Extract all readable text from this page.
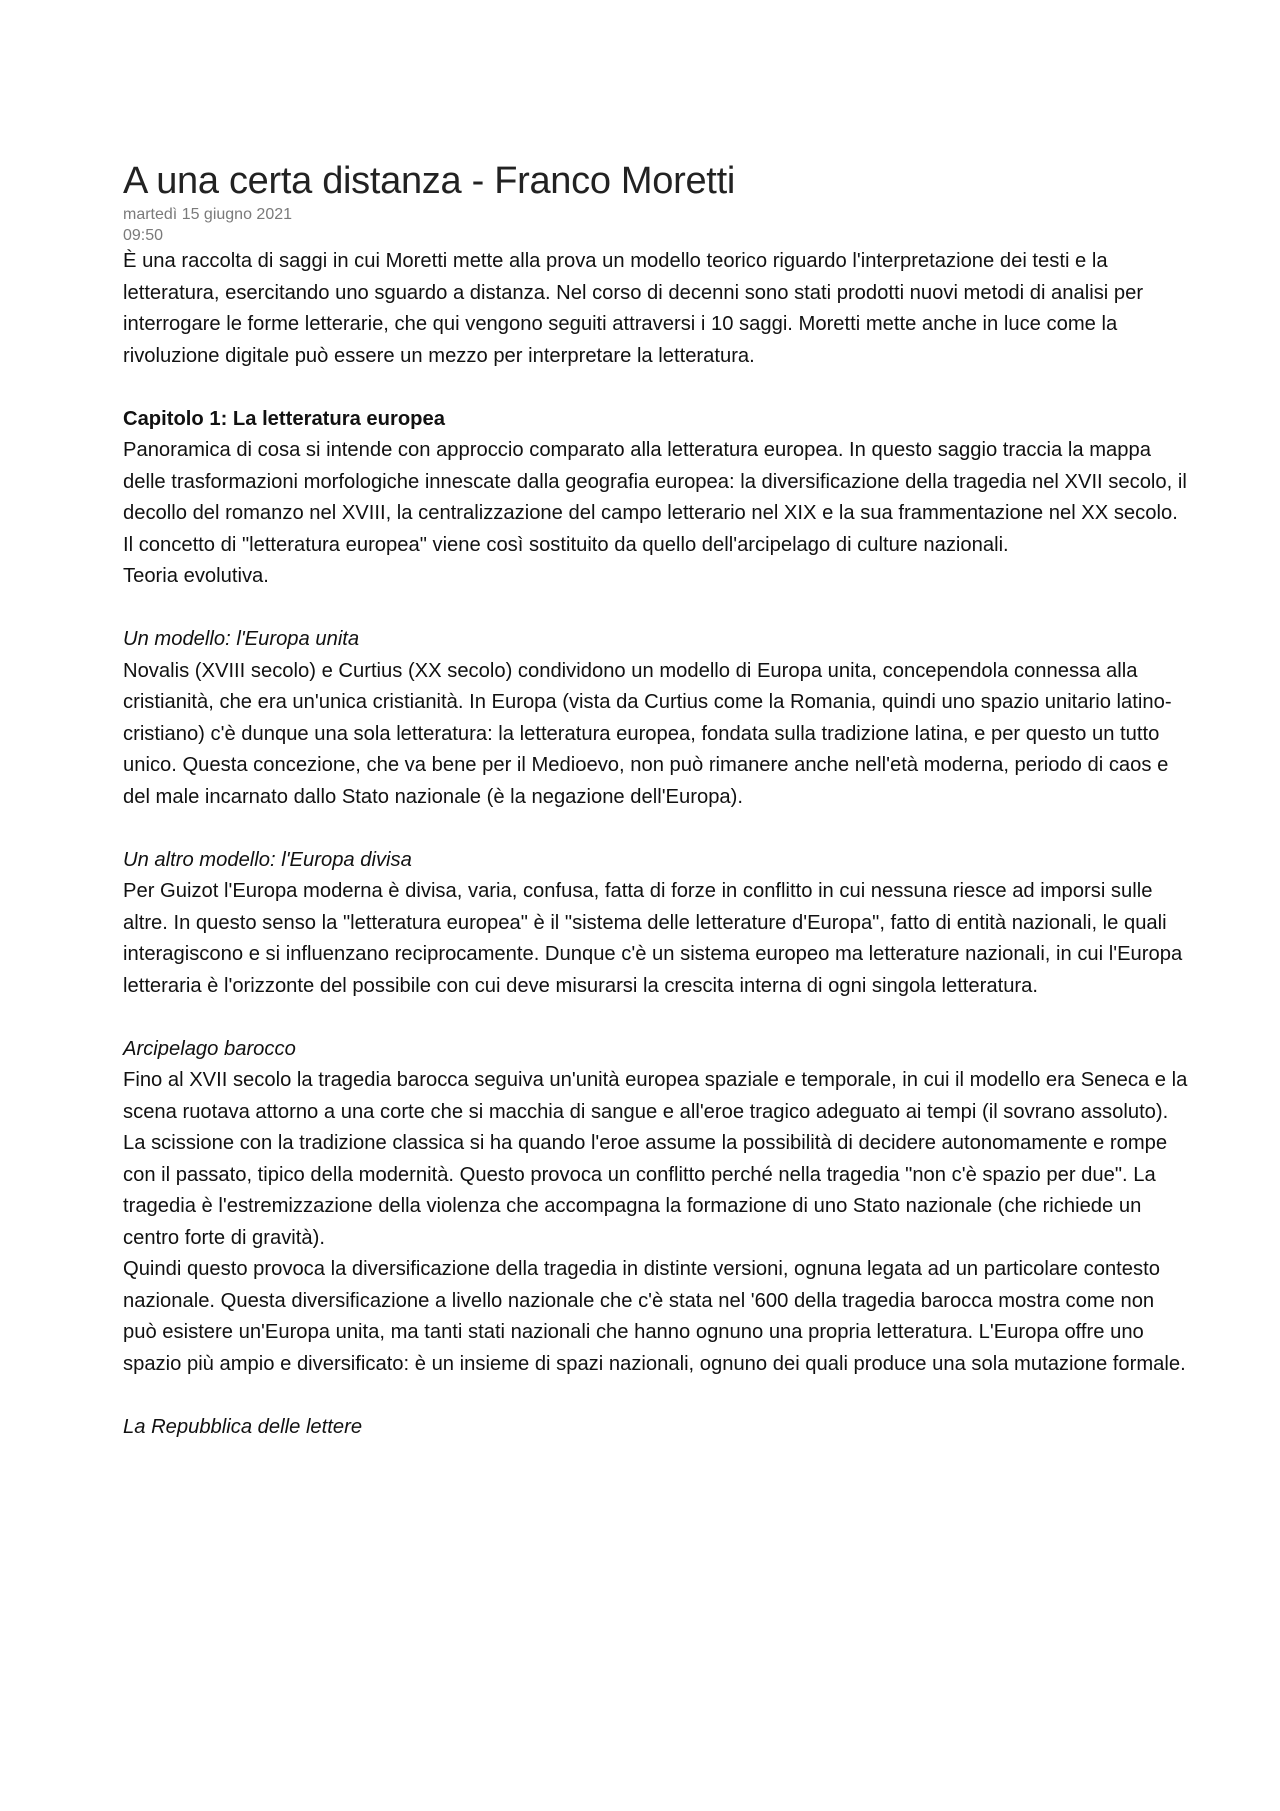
A una certa distanza - Franco Moretti
martedì 15 giugno 2021
09:50

È una raccolta di saggi in cui Moretti mette alla prova un modello teorico riguardo l'interpretazione dei testi e la letteratura, esercitando uno sguardo a distanza. Nel corso di decenni sono stati prodotti nuovi metodi di analisi per interrogare le forme letterarie, che qui vengono seguiti attraversi i 10 saggi. Moretti mette anche in luce come la rivoluzione digitale può essere un mezzo per interpretare la letteratura.

Capitolo 1: La letteratura europea

Panoramica di cosa si intende con approccio comparato alla letteratura europea. In questo saggio traccia la mappa delle trasformazioni morfologiche innescate dalla geografia europea: la diversificazione della tragedia nel XVII secolo, il decollo del romanzo nel XVIII, la centralizzazione del campo letterario nel XIX e la sua frammentazione nel XX secolo. Il concetto di "letteratura europea" viene così sostituito da quello dell'arcipelago di culture nazionali.

Teoria evolutiva.

Un modello: l'Europa unita

Novalis (XVIII secolo) e Curtius (XX secolo) condividono un modello di Europa unita, concependola connessa alla cristianità, che era un'unica cristianità. In Europa (vista da Curtius come la Romania, quindi uno spazio unitario latino-cristiano) c'è dunque una sola letteratura: la letteratura europea, fondata sulla tradizione latina, e per questo un tutto unico. Questa concezione, che va bene per il Medioevo, non può rimanere anche nell'età moderna, periodo di caos e del male incarnato dallo Stato nazionale (è la negazione dell'Europa).

Un altro modello: l'Europa divisa

Per Guizot l'Europa moderna è divisa, varia, confusa, fatta di forze in conflitto in cui nessuna riesce ad imporsi sulle altre. In questo senso la "letteratura europea" è il "sistema delle letterature d'Europa", fatto di entità nazionali, le quali interagiscono e si influenzano reciprocamente. Dunque c'è un sistema europeo ma letterature nazionali, in cui l'Europa letteraria è l'orizzonte del possibile con cui deve misurarsi la crescita interna di ogni singola letteratura.

Arcipelago barocco

Fino al XVII secolo la tragedia barocca seguiva un'unità europea spaziale e temporale, in cui il modello era Seneca e la scena ruotava attorno a una corte che si macchia di sangue e all'eroe tragico adeguato ai tempi (il sovrano assoluto). La scissione con la tradizione classica si ha quando l'eroe assume la possibilità di decidere autonomamente e rompe con il passato, tipico della modernità. Questo provoca un conflitto perché nella tragedia "non c'è spazio per due". La tragedia è l'estremizzazione della violenza che accompagna la formazione di uno Stato nazionale (che richiede un centro forte di gravità).

Quindi questo provoca la diversificazione della tragedia in distinte versioni, ognuna legata ad un particolare contesto nazionale. Questa diversificazione a livello nazionale che c'è stata nel '600 della tragedia barocca mostra come non può esistere un'Europa unita, ma tanti stati nazionali che hanno ognuno una propria letteratura. L'Europa offre uno spazio più ampio e diversificato: è un insieme di spazi nazionali, ognuno dei quali produce una sola mutazione formale.

La Repubblica delle lettere
